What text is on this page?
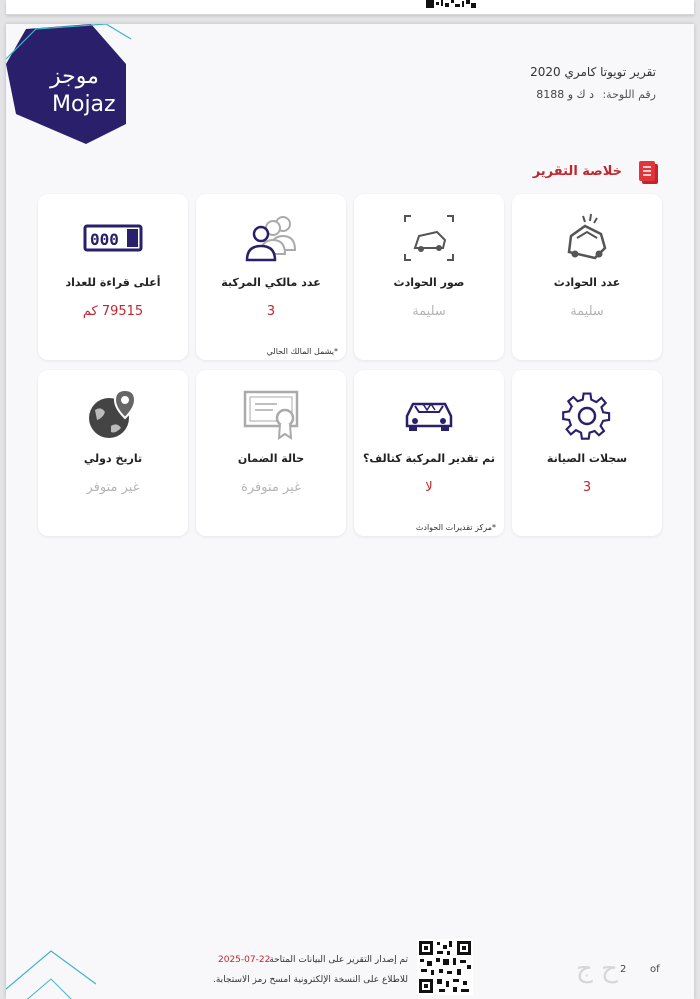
موجز
Mojaz
تقرير تويوتا كامري 2020
رقم اللوحة:
د ك و 8188
خلاصة التقرير
000
أعلى قراءة للعداد
79515 كم
عدد مالكي المركبة
3
*يشمل المالك الحالي
صور الحوادث
سليمة
عدد الحوادث
سليمة
تاريخ دولي
غير متوفر
حالة الضمان
غير متوفرة
تم تقدير المركبة كتالف؟
لا
*مركز تقديرات الحوادث
سجلات الصيانة
3
تم إصدار التقرير على البيانات المتاحة
2025-07-22
للاطلاع على النسخة الإلكترونية امسح رمز الاستجابة.	ح ج 2 of
